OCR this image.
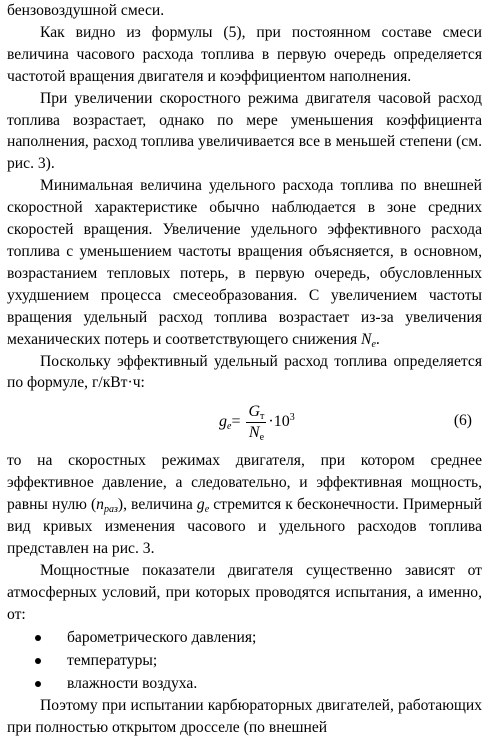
бензовоздушной смеси.

Как видно из формулы (5), при постоянном составе смеси величина часового расхода топлива в первую очередь определяется частотой вращения двигателя и коэффициентом наполнения.

При увеличении скоростного режима двигателя часовой расход топлива возрастает, однако по мере уменьшения коэффициента наполнения, расход топлива увеличивается все в меньшей степени (см. рис. 3).

Минимальная величина удельного расхода топлива по внешней скоростной характеристике обычно наблюдается в зоне средних скоростей вращения. Увеличение удельного эффективного расхода топлива с уменьшением частоты вращения объясняется, в основном, возрастанием тепловых потерь, в первую очередь, обусловленных ухудшением процесса смесеобразования. С увеличением частоты вращения удельный расход топлива возрастает из-за увеличения механических потерь и соответствующего снижения $N_e$.

Поскольку эффективный удельный расход топлива определяется по формуле, г/кВт·ч:

$g_e = \frac{G_т}{N_e} \cdot 10^3$	(6)

то на скоростных режимах двигателя, при котором среднее эффективное давление, а следовательно, и эффективная мощность, равны нулю $(n_{раз})$, величина $g_e$ стремится к бесконечности. Примерный вид кривых изменения часового и удельного расходов топлива представлен на рис. 3.

Мощностные показатели двигателя существенно зависят от атмосферных условий, при которых проводятся испытания, а именно, от:

барометрического давления;
температуры;
влажности воздуха.

Поэтому при испытании карбюраторных двигателей, работающих при полностью открытом дросселе (по внешней
